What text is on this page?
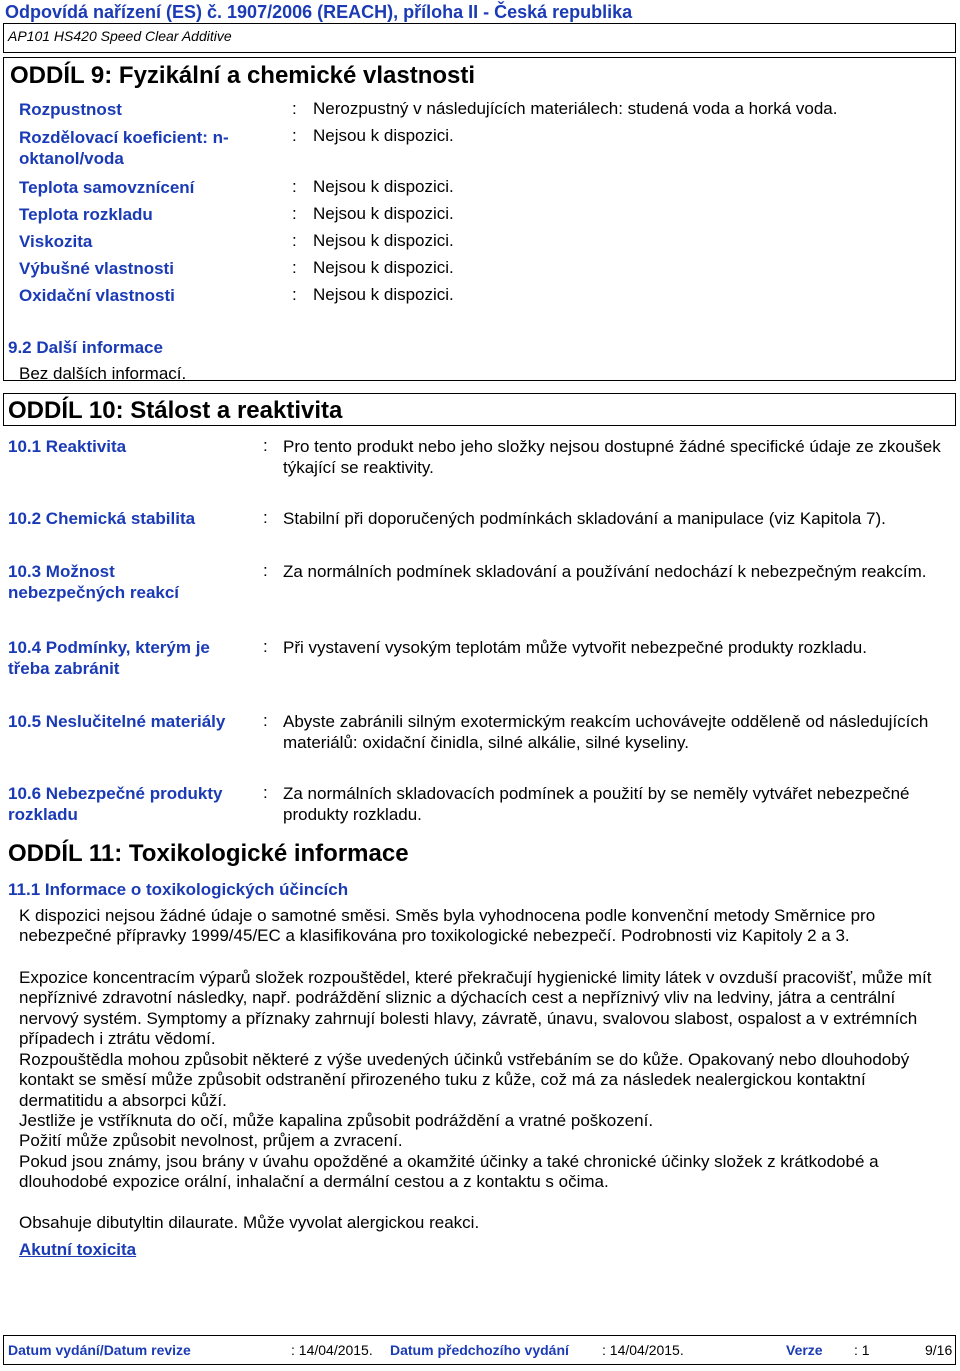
Odpovídá nařízení (ES) č. 1907/2006 (REACH), příloha II - Česká republika
AP101 HS420 Speed Clear Additive
ODDÍL 9: Fyzikální a chemické vlastnosti
Rozpustnost	: Nerozpustný v následujících materiálech: studená voda a horká voda.
Rozdělovací koeficient: n-oktanol/voda
: Nejsou k dispozici.
Teplota samovznícení	: Nejsou k dispozici.
Teplota rozkladu	: Nejsou k dispozici.
Viskozita	: Nejsou k dispozici.
Výbušné vlastnosti	: Nejsou k dispozici.
Oxidační vlastnosti	: Nejsou k dispozici.
9.2 Další informace
Bez dalších informací.
ODDÍL 10: Stálost a reaktivita
10.1 Reaktivita	: Pro tento produkt nebo jeho složky nejsou dostupné žádné specifické údaje ze zkoušek týkající se reaktivity.
10.2 Chemická stabilita	: Stabilní při doporučených podmínkách skladování a manipulace (viz Kapitola 7).
10.3 Možnost nebezpečných reakcí
: Za normálních podmínek skladování a používání nedochází k nebezpečným reakcím.
10.4 Podmínky, kterým je třeba zabránit
: Při vystavení vysokým teplotám může vytvořit nebezpečné produkty rozkladu.
10.5 Neslučitelné materiály	: Abyste zabránili silným exotermickým reakcím uchovávejte odděleně od následujících materiálů: oxidační činidla, silné alkálie, silné kyseliny.
10.6 Nebezpečné produkty rozkladu
: Za normálních skladovacích podmínek a použití by se neměly vytvářet nebezpečné produkty rozkladu.
ODDÍL 11: Toxikologické informace
11.1 Informace o toxikologických účincích
K dispozici nejsou žádné údaje o samotné směsi. Směs byla vyhodnocena podle konvenční metody Směrnice pro nebezpečné přípravky 1999/45/EC a klasifikována pro toxikologické nebezpečí. Podrobnosti viz Kapitoly 2 a 3.
Expozice koncentracím výparů složek rozpouštědel, které překračují hygienické limity látek v ovzduší pracovišť, může mít nepříznivé zdravotní následky, např. podráždění sliznic a dýchacích cest a nepříznivý vliv na ledviny, játra a centrální nervový systém. Symptomy a příznaky zahrnují bolesti hlavy, závratě, únavu, svalovou slabost, ospalost a v extrémních případech i ztrátu vědomí.
Rozpouštědla mohou způsobit některé z výše uvedených účinků vstřebáním se do kůže. Opakovaný nebo dlouhodobý kontakt se směsí může způsobit odstranění přirozeného tuku z kůže, což má za následek nealergickou kontaktní dermatitidu a absorpci kůží.
Jestliže je vstříknuta do očí, může kapalina způsobit podráždění a vratné poškození.
Požití může způsobit nevolnost, průjem a zvracení.
Pokud jsou známy, jsou brány v úvahu opožděné a okamžité účinky a také chronické účinky složek z krátkodobé a dlouhodobé expozice orální, inhalační a dermální cestou a z kontaktu s očima.
Obsahuje dibutyltin dilaurate. Může vyvolat alergickou reakci.
Akutní toxicita
Datum vydání/Datum revize	: 14/04/2015. Datum předchozího vydání : 14/04/2015.	Verze : 1	9/16
